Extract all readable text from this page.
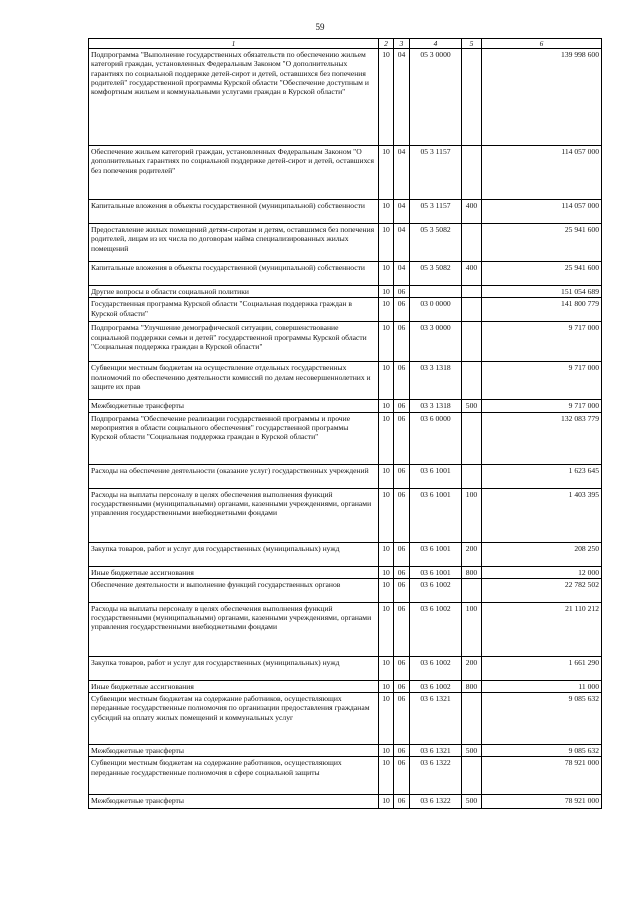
59
1	2	3	4	5	6
Подпрограмма "Выполнение государственных обязательств по обеспечению жильем категорий граждан, установленных Федеральным Законом "О дополнительных гарантиях по социальной поддержке детей-сирот и детей, оставшихся без попечения родителей" государственной программы Курской области "Обеспечение доступным и комфортным жильем и коммунальными услугами граждан в Курской области"	10	04	05 3 0000		139 998 600
Обеспечение жильем категорий граждан, установленных Федеральным Законом "О дополнительных гарантиях по социальной поддержке детей-сирот и детей, оставшихся без попечения родителей"	10	04	05 3 1157		114 057 000
Капитальные вложения в объекты государственной (муниципальной) собственности	10	04	05 3 1157	400	114 057 000
Предоставление жилых помещений детям-сиротам и детям, оставшимся без попечения родителей, лицам из их числа по договорам найма специализированных жилых помещений	10	04	05 3 5082		25 941 600
Капитальные вложения в объекты государственной (муниципальной) собственности	10	04	05 3 5082	400	25 941 600
Другие вопросы в области социальной политики	10	06			151 054 689
Государственная программа Курской области "Социальная поддержка граждан в Курской области"	10	06	03 0 0000		141 800 779
Подпрограмма "Улучшение демографической ситуации, совершенствование социальной поддержки семьи и детей" государственной программы Курской области "Социальная поддержка граждан в Курской области"	10	06	03 3 0000		9 717 000
Субвенции местным бюджетам на осуществление отдельных государственных полномочий по обеспечению деятельности комиссий по делам несовершеннолетних и защите их прав	10	06	03 3 1318		9 717 000
Межбюджетные трансферты	10	06	03 3 1318	500	9 717 000
Подпрограмма "Обеспечение реализации государственной программы и прочие мероприятия в области социального обеспечения" государственной программы Курской области "Социальная поддержка граждан в Курской области"	10	06	03 6 0000		132 083 779
Расходы на обеспечение деятельности (оказание услуг) государственных учреждений	10	06	03 6 1001		1 623 645
Расходы на выплаты персоналу в целях обеспечения выполнения функций государственными (муниципальными) органами, казенными учреждениями, органами управления государственными внебюджетными фондами	10	06	03 6 1001	100	1 403 395
Закупка товаров, работ и услуг для государственных (муниципальных) нужд	10	06	03 6 1001	200	208 250
Иные бюджетные ассигнования	10	06	03 6 1001	800	12 000
Обеспечение деятельности и выполнение функций государственных органов	10	06	03 6 1002		22 782 502
Расходы на выплаты персоналу в целях обеспечения выполнения функций государственными (муниципальными) органами, казенными учреждениями, органами управления государственными внебюджетными фондами	10	06	03 6 1002	100	21 110 212
Закупка товаров, работ и услуг для государственных (муниципальных) нужд	10	06	03 6 1002	200	1 661 290
Иные бюджетные ассигнования	10	06	03 6 1002	800	11 000
Субвенции местным бюджетам на содержание работников, осуществляющих переданные государственные полномочия по организации предоставления гражданам субсидий на оплату жилых помещений и коммунальных услуг	10	06	03 6 1321		9 085 632
Межбюджетные трансферты	10	06	03 6 1321	500	9 085 632
Субвенции местным бюджетам на содержание работников, осуществляющих переданные государственные полномочия в сфере социальной защиты	10	06	03 6 1322		78 921 000
Межбюджетные трансферты	10	06	03 6 1322	500	78 921 000
